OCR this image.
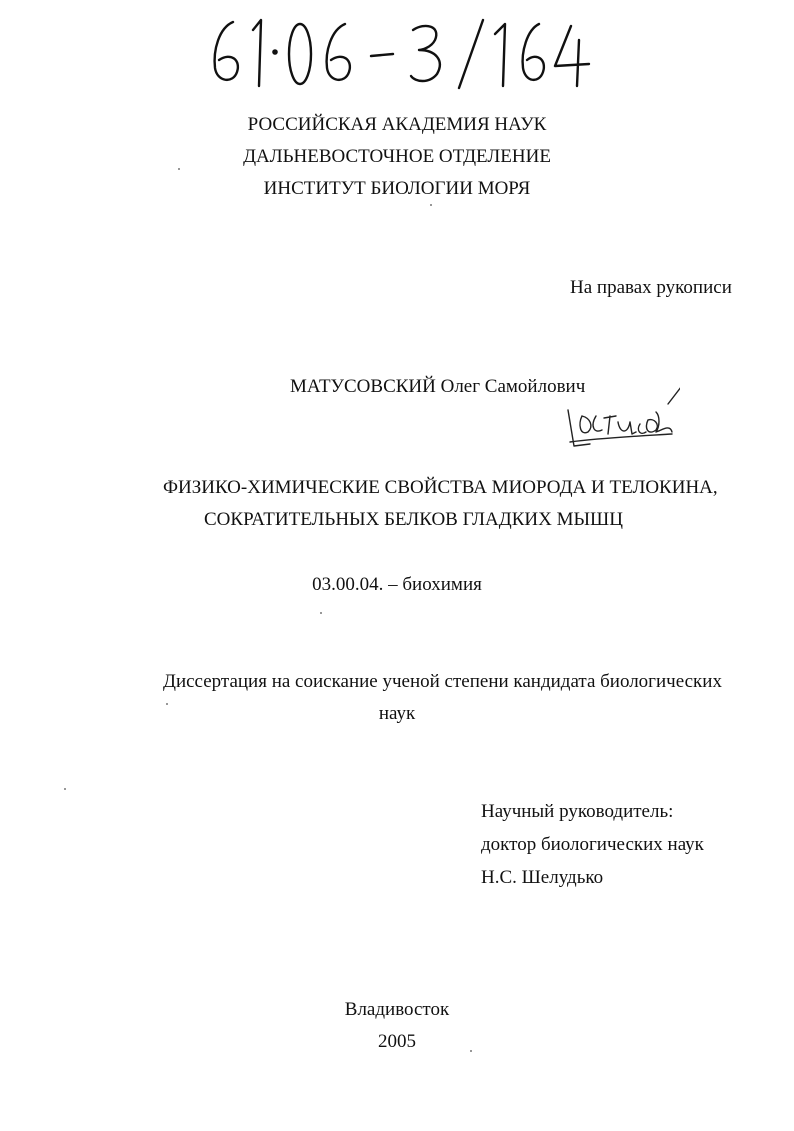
РОССИЙСКАЯ АКАДЕМИЯ НАУК
ДАЛЬНЕВОСТОЧНОЕ ОТДЕЛЕНИЕ
ИНСТИТУТ БИОЛОГИИ МОРЯ
На правах рукописи
МАТУСОВСКИЙ Олег Самойлович
ФИЗИКО-ХИМИЧЕСКИЕ СВОЙСТВА МИОРОДА И ТЕЛОКИНА,
СОКРАТИТЕЛЬНЫХ БЕЛКОВ ГЛАДКИХ МЫШЦ
03.00.04. – биохимия
Диссертация на соискание ученой степени кандидата биологических
наук
Научный руководитель:
доктор биологических наук
Н.С. Шелудько
Владивосток
2005
